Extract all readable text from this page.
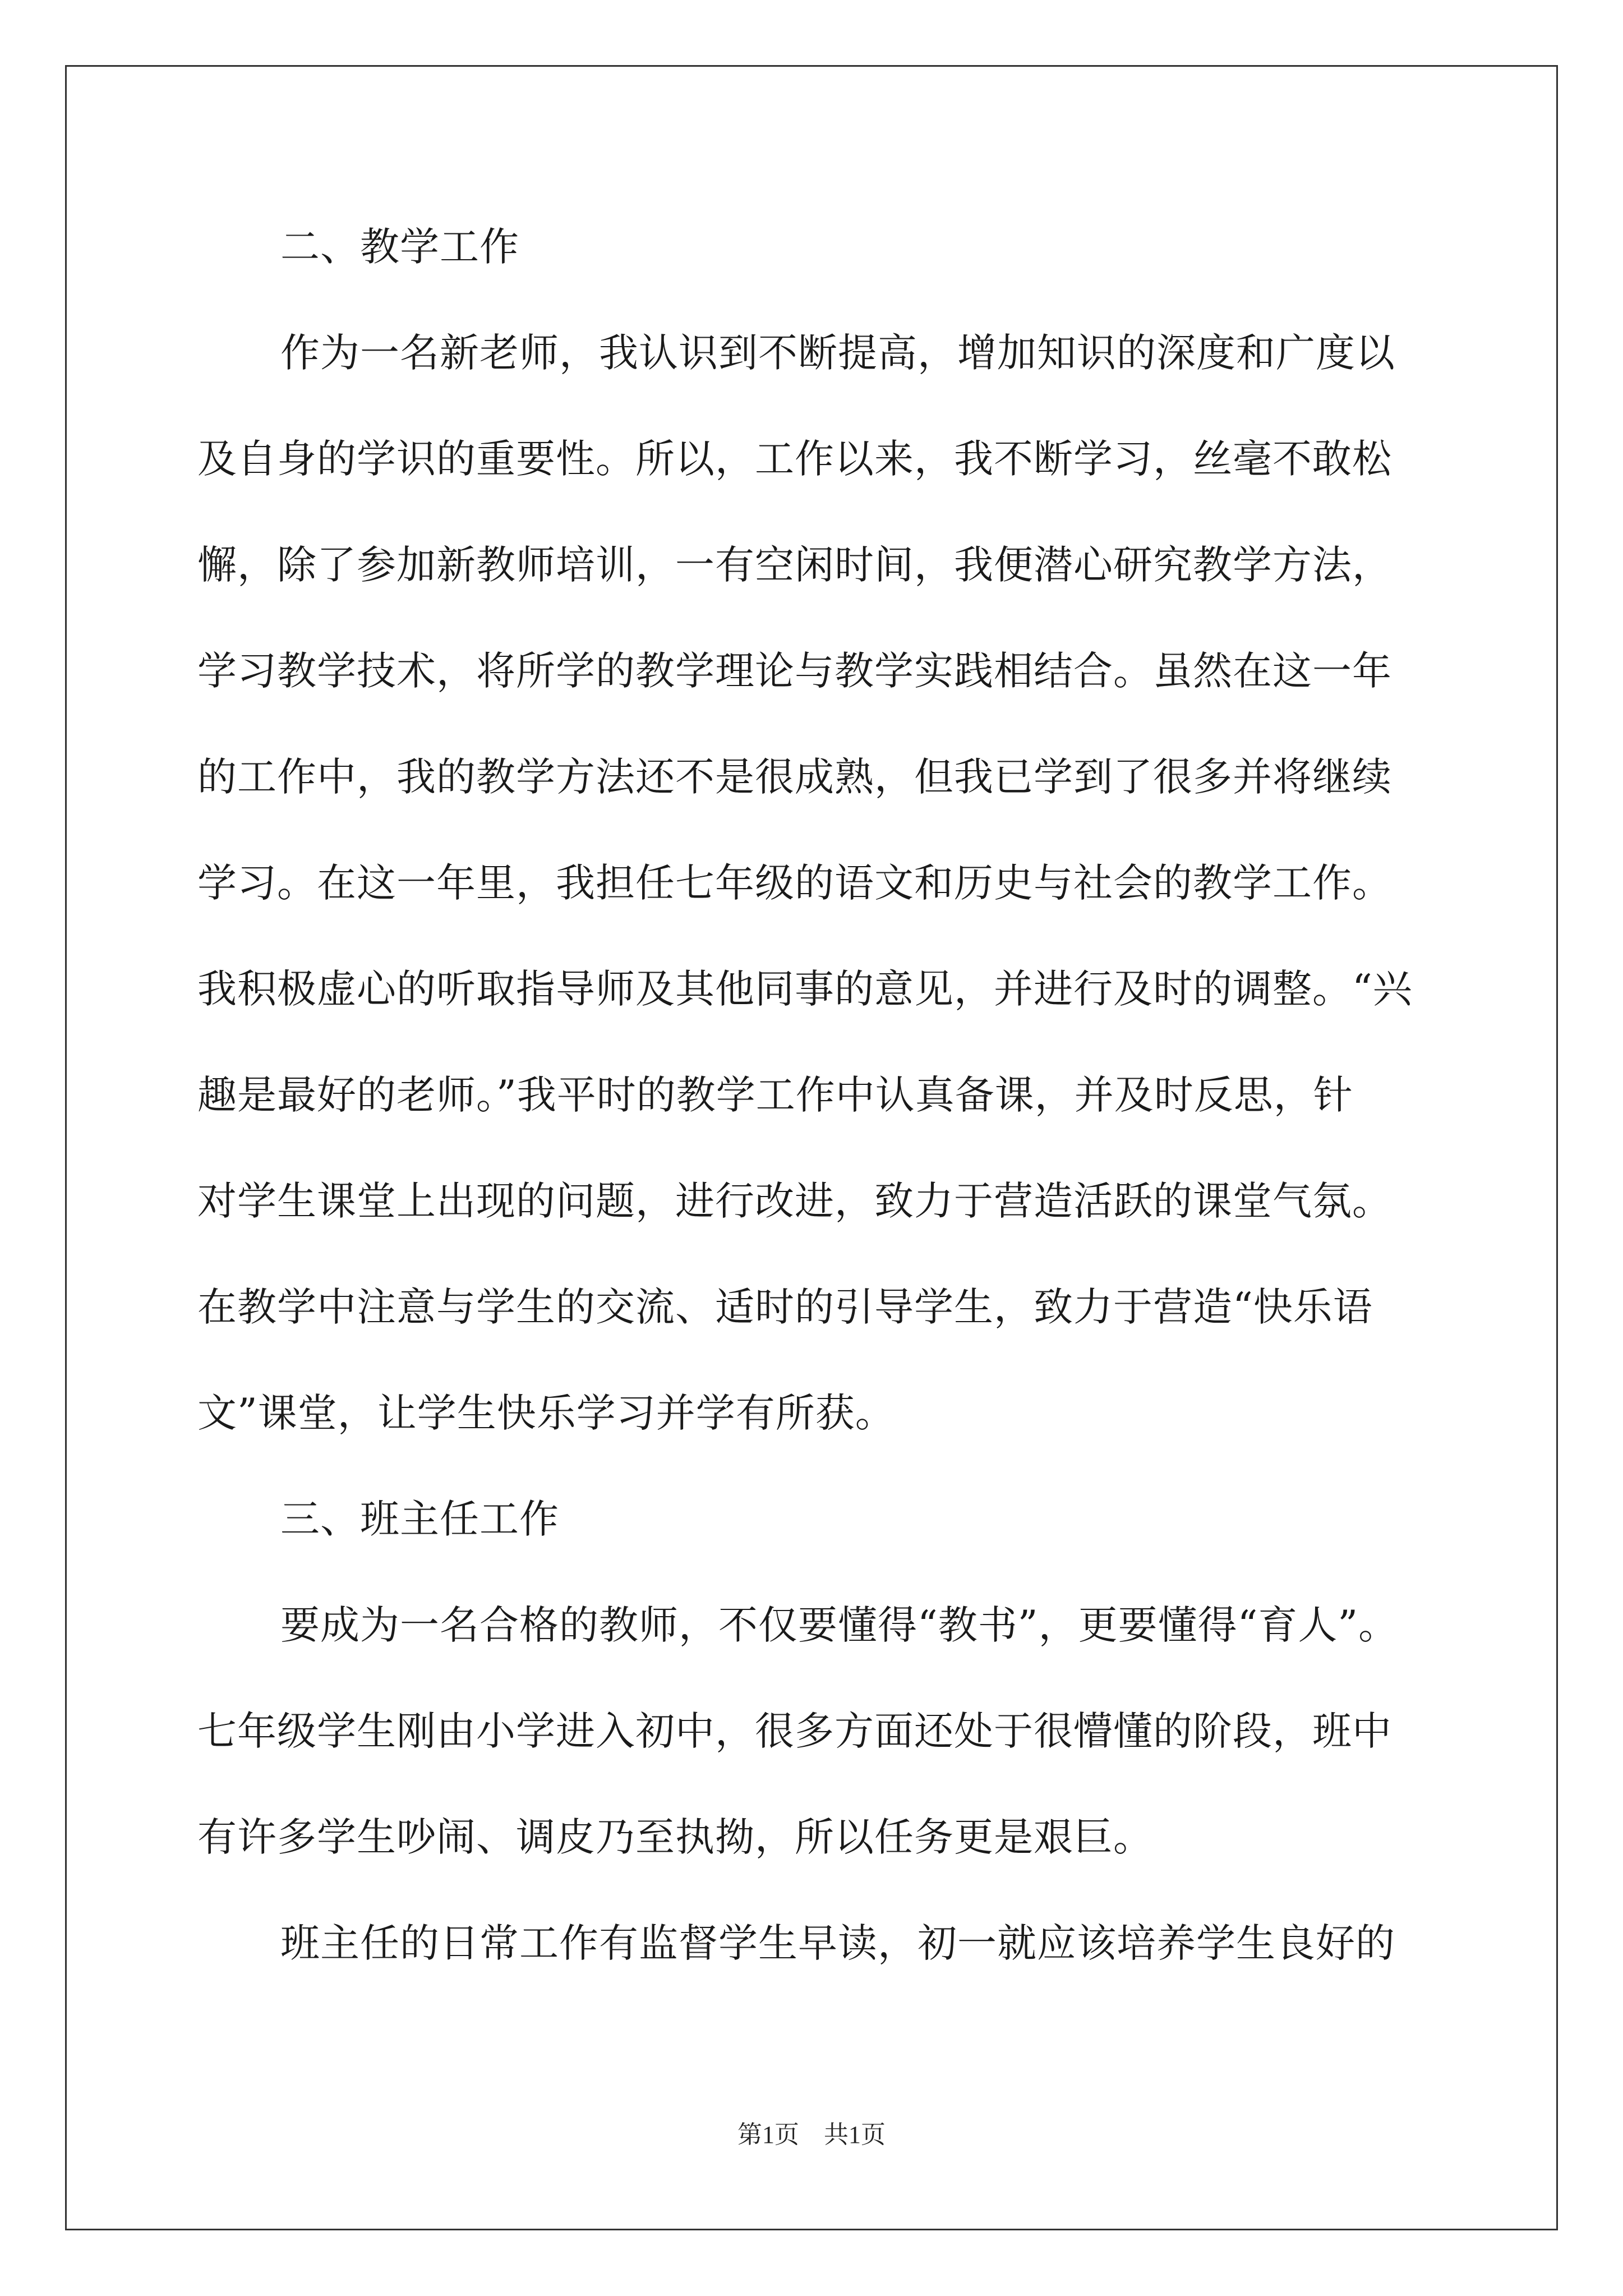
二、教学工作
作为一名新老师，我认识到不断提高，增加知识的深度和广度以
及自身的学识的重要性。所以，工作以来，我不断学习，丝毫不敢松
懈，除了参加新教师培训，一有空闲时间，我便潜心研究教学方法，
学习教学技术，将所学的教学理论与教学实践相结合。虽然在这一年
的工作中，我的教学方法还不是很成熟，但我已学到了很多并将继续
学习。在这一年里，我担任七年级的语文和历史与社会的教学工作。
我积极虚心的听取指导师及其他同事的意见，并进行及时的调整。“兴
趣是最好的老师。”我平时的教学工作中认真备课，并及时反思，针
对学生课堂上出现的问题，进行改进，致力于营造活跃的课堂气氛。
在教学中注意与学生的交流、适时的引导学生，致力于营造“快乐语
文”课堂，让学生快乐学习并学有所获。
三、班主任工作
要成为一名合格的教师，不仅要懂得“教书”，更要懂得“育人”。
七年级学生刚由小学进入初中，很多方面还处于很懵懂的阶段，班中
有许多学生吵闹、调皮乃至执拗，所以任务更是艰巨。
班主任的日常工作有监督学生早读，初一就应该培养学生良好的
第1页　共1页
